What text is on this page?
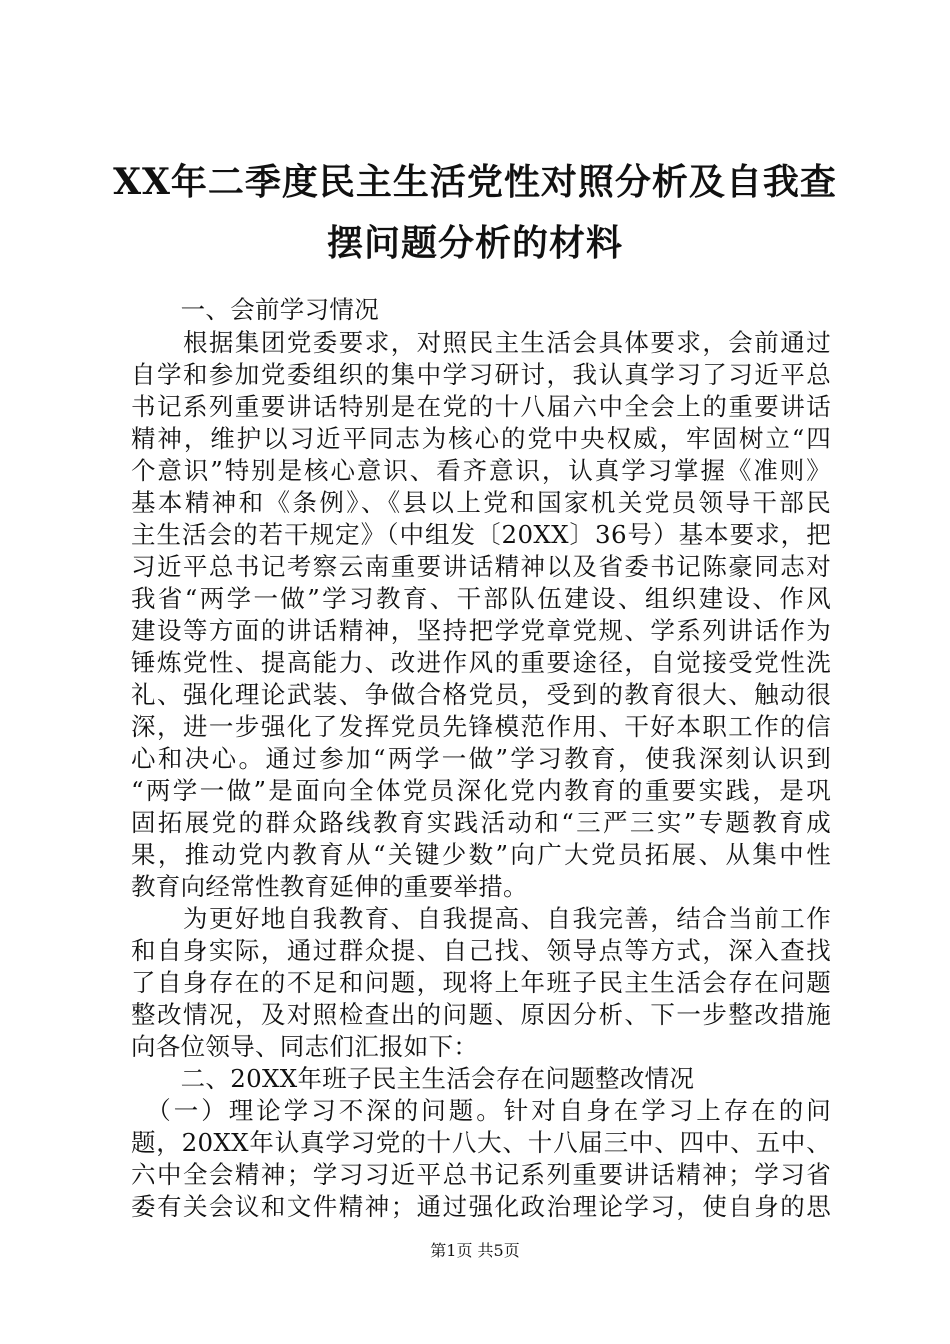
XX年二季度民主生活党性对照分析及自我查
摆问题分析的材料
　　一、会前学习情况
　　根据集团党委要求，对照民主生活会具体要求，会前通过
自学和参加党委组织的集中学习研讨，我认真学习了习近平总
书记系列重要讲话特别是在党的十八届六中全会上的重要讲话
精神，维护以习近平同志为核心的党中央权威，牢固树立“四
个意识”特别是核心意识、看齐意识，认真学习掌握《准则》
基本精神和《条例》、《县以上党和国家机关党员领导干部民
主生活会的若干规定》（中组发〔20XX〕36号）基本要求，把
习近平总书记考察云南重要讲话精神以及省委书记陈豪同志对
我省“两学一做”学习教育、干部队伍建设、组织建设、作风
建设等方面的讲话精神，坚持把学党章党规、学系列讲话作为
锤炼党性、提高能力、改进作风的重要途径，自觉接受党性洗
礼、强化理论武装、争做合格党员，受到的教育很大、触动很
深，进一步强化了发挥党员先锋模范作用、干好本职工作的信
心和决心。通过参加“两学一做”学习教育，使我深刻认识到
“两学一做”是面向全体党员深化党内教育的重要实践，是巩
固拓展党的群众路线教育实践活动和“三严三实”专题教育成
果，推动党内教育从“关键少数”向广大党员拓展、从集中性
教育向经常性教育延伸的重要举措。
　　为更好地自我教育、自我提高、自我完善，结合当前工作
和自身实际，通过群众提、自己找、领导点等方式，深入查找
了自身存在的不足和问题，现将上年班子民主生活会存在问题
整改情况，及对照检查出的问题、原因分析、下一步整改措施
向各位领导、同志们汇报如下：
　　二、20XX年班子民主生活会存在问题整改情况
　（一）理论学习不深的问题。针对自身在学习上存在的问
题，20XX年认真学习党的十八大、十八届三中、四中、五中、
六中全会精神；学习习近平总书记系列重要讲话精神；学习省
委有关会议和文件精神；通过强化政治理论学习，使自身的思
第1页 共5页
